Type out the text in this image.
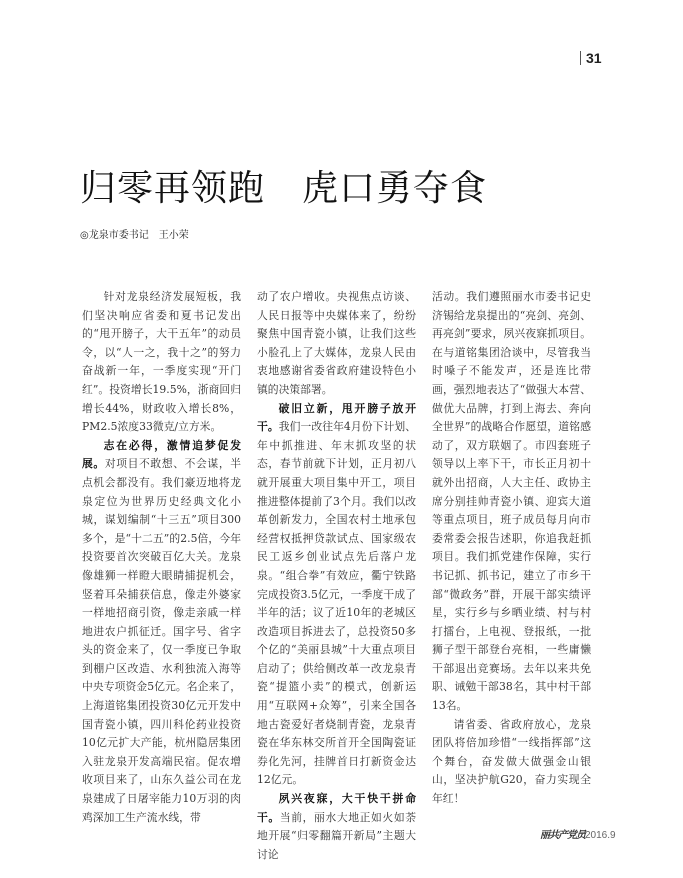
31
归零再领跑　虎口勇夺食
◎龙泉市委书记　王小荣

针对龙泉经济发展短板，我们坚决响应省委和夏书记发出的“甩开膀子，大干五年”的动员令，以“人一之，我十之”的努力奋战新一年，一季度实现“开门红”。投资增长19.5%，浙商回归增长44%，财政收入增长8%，PM2.5浓度33微克/立方米。

志在必得，激情追梦促发展。对项目不敢想、不会谋，半点机会都没有。我们豪迈地将龙泉定位为世界历史经典文化小城，谋划编制“十三五”项目300多个，是“十二五”的2.5倍，今年投资要首次突破百亿大关。龙泉像雄狮一样瞪大眼睛捕捉机会，竖着耳朵捕获信息，像走外婆家一样地招商引资，像走亲戚一样地进农户抓征迁。国字号、省字头的资金来了，仅一季度已争取到棚户区改造、水利独流入海等中央专项资金5亿元。名企来了，上海道铭集团投资30亿元开发中国青瓷小镇，四川科伦药业投资10亿元扩大产能，杭州隐居集团入驻龙泉开发高端民宿。促农增收项目来了，山东久益公司在龙泉建成了日屠宰能力10万羽的肉鸡深加工生产流水线，带

动了农户增收。央视焦点访谈、人民日报等中央媒体来了，纷纷聚焦中国青瓷小镇，让我们这些小脸孔上了大媒体，龙泉人民由衷地感谢省委省政府建设特色小镇的决策部署。

破旧立新，甩开膀子放开干。我们一改往年4月份下计划、年中抓推进、年末抓攻坚的状态，春节前就下计划，正月初八就开展重大项目集中开工，项目推进整体提前了3个月。我们以改革创新发力，全国农村土地承包经营权抵押贷款试点、国家级农民工返乡创业试点先后落户龙泉。“组合拳”有效应，衢宁铁路完成投资3.5亿元，一季度干成了半年的活；议了近10年的老城区改造项目拆进去了，总投资50多个亿的“美丽县城”十大重点项目启动了；供给侧改革一改龙泉青瓷“提篮小卖”的模式，创新运用“互联网+众筹”，引来全国各地古瓷爱好者烧制青瓷，龙泉青瓷在华东林交所首开全国陶瓷证券化先河，挂牌首日打新资金达12亿元。

夙兴夜寐，大干快干拼命干。当前，丽水大地正如火如荼地开展“归零翻篇开新局”主题大讨论

活动。我们遵照丽水市委书记史济锡给龙泉提出的“亮剑、亮剑、再亮剑”要求，夙兴夜寐抓项目。在与道铭集团洽谈中，尽管我当时嗓子不能发声，还是连比带画，强烈地表达了“做强大本营、做优大品牌，打到上海去、奔向全世界”的战略合作愿望，道铭感动了，双方联姻了。市四套班子领导以上率下干，市长正月初十就外出招商，人大主任、政协主席分别挂帅青瓷小镇、迎宾大道等重点项目，班子成员每月向市委常委会报告述职，你追我赶抓项目。我们抓党建作保障，实行书记抓、抓书记，建立了市乡干部“微政务”群，开展干部实绩评星，实行乡与乡晒业绩、村与村打擂台，上电视、登报纸，一批狮子型干部登台亮相，一些庸懒干部退出竞赛场。去年以来共免职、诫勉干部38名，其中村干部13名。

请省委、省政府放心，龙泉团队将倍加珍惜“一线指挥部”这个舞台，奋发做大做强金山银山，坚决护航G20，奋力实现全年红！

丽共产党员2016.9
